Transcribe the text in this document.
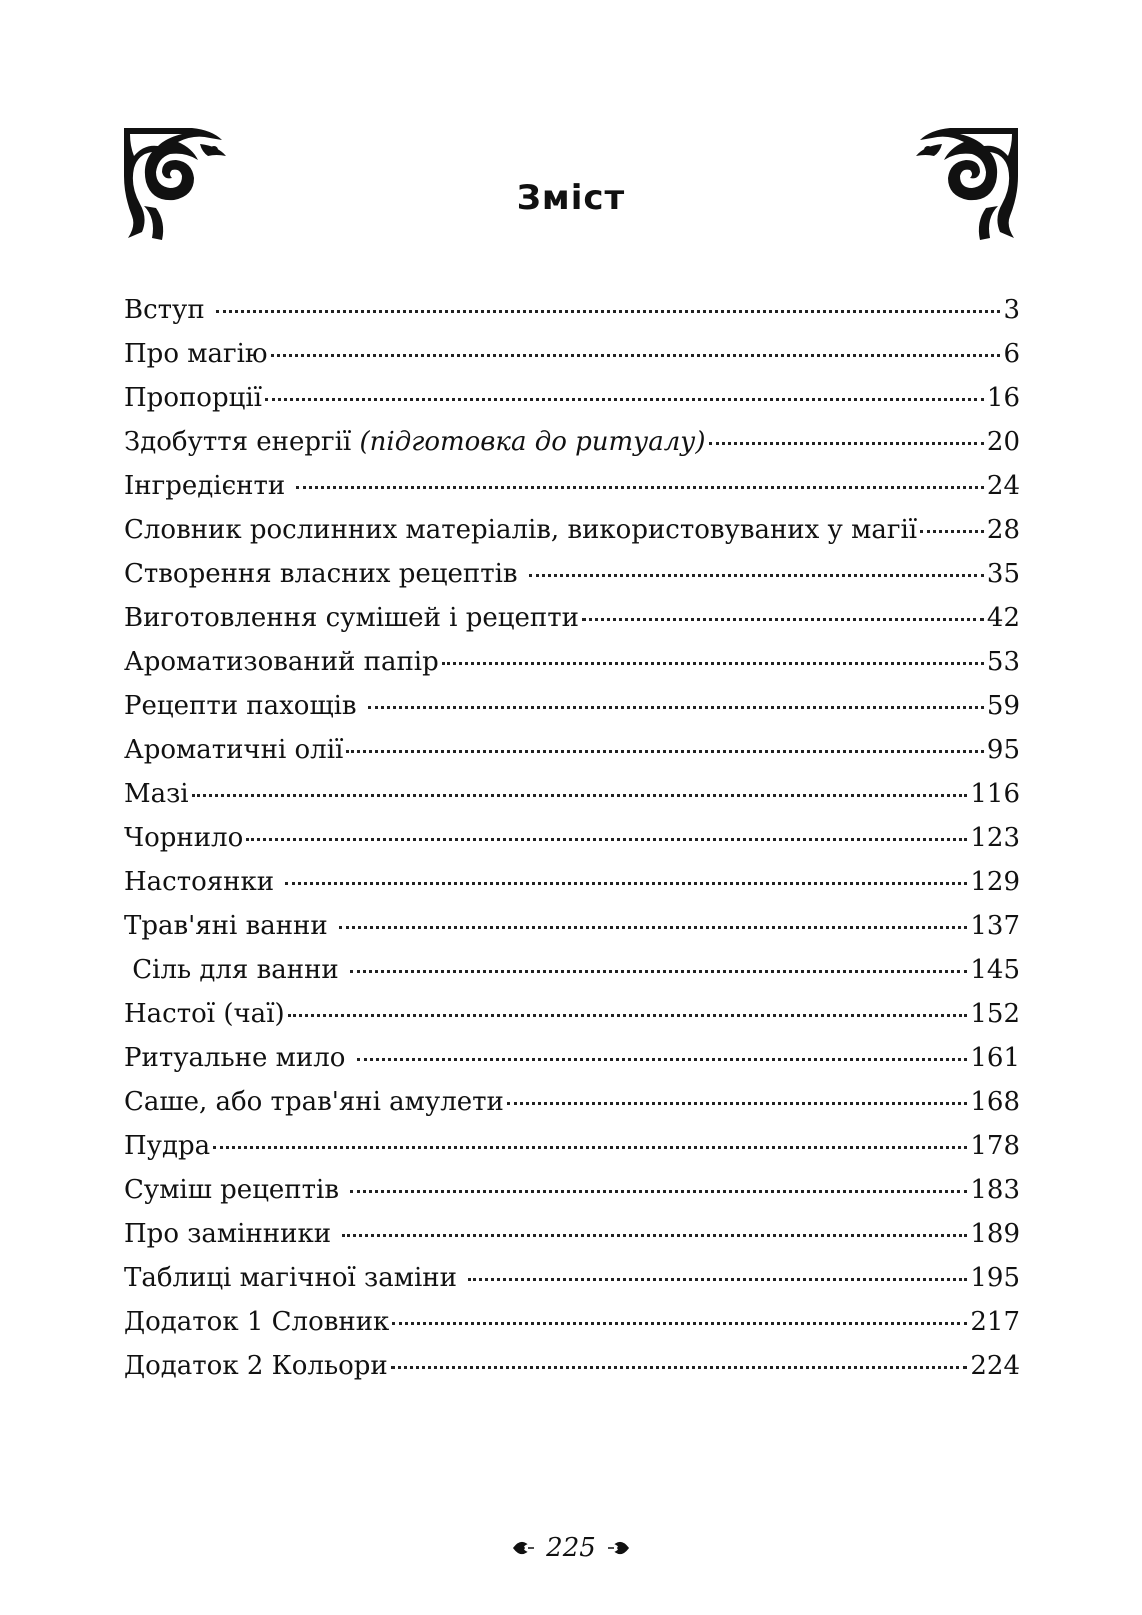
Зміст
Вступ	3
Про магію	6
Пропорції	16
Здобуття енергії (підготовка до ритуалу)	20
Інгредієнти	24
Словник рослинних матеріалів, використовуваних у магії	28
Створення власних рецептів	35
Виготовлення сумішей і рецепти	42
Ароматизований папір	53
Рецепти пахощів	59
Ароматичні олії	95
Мазі	116
Чорнило	123
Настоянки	129
Трав'яні ванни	137
Сіль для ванни	145
Настої (чаї)	152
Ритуальне мило	161
Саше, або трав'яні амулети	168
Пудра	178
Суміш рецептів	183
Про замінники	189
Таблиці магічної заміни	195
Додаток 1 Словник	217
Додаток 2 Кольори	224
225
